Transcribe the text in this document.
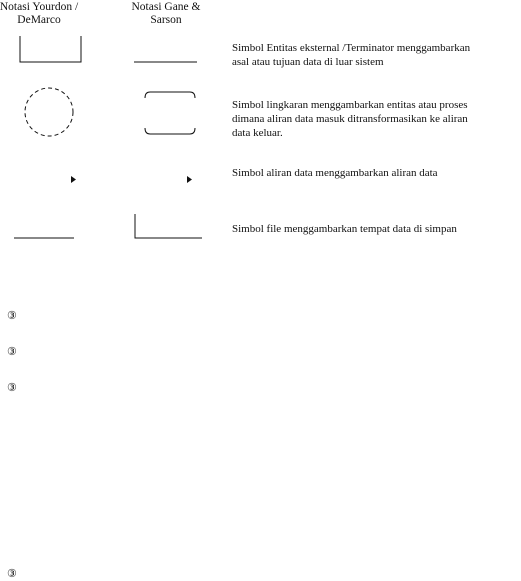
Notasi Yourdon /
DeMarco
Notasi Gane &
Sarson
Simbol Entitas eksternal /Terminator menggambarkan
asal atau tujuan data di luar sistem
Simbol lingkaran menggambarkan entitas atau proses
dimana aliran data masuk ditransformasikan ke aliran
data keluar.
Simbol aliran data menggambarkan aliran data
Simbol file menggambarkan tempat data di simpan
③
③
③
③
